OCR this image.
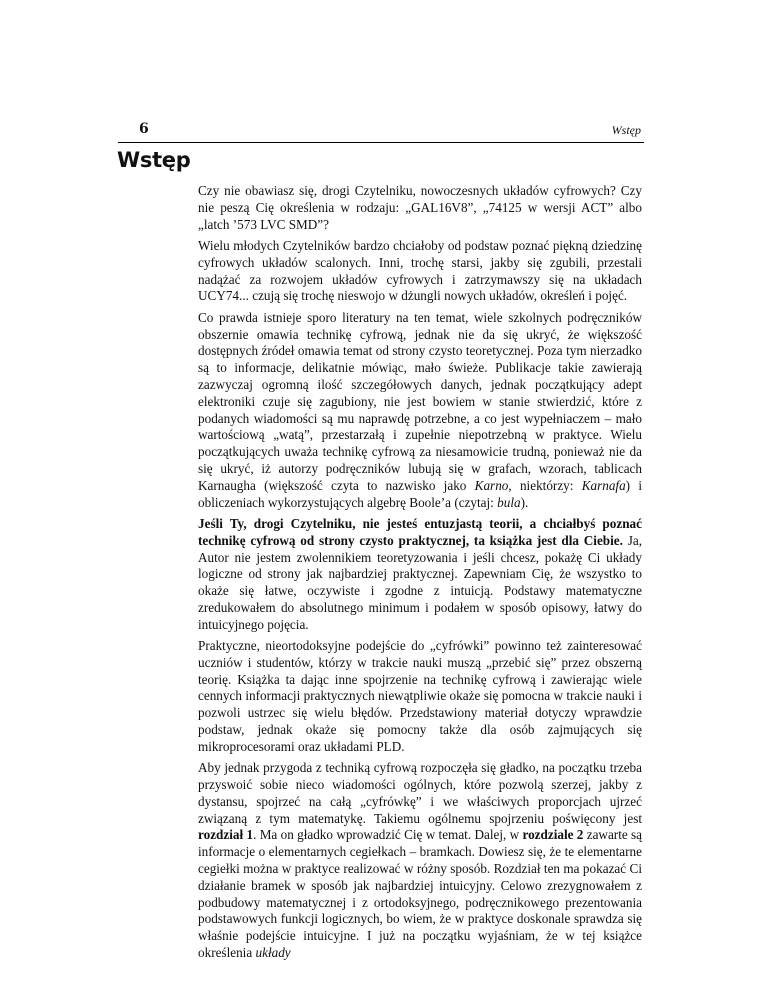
6	Wstęp
Wstęp

Czy nie obawiasz się, drogi Czytelniku, nowoczesnych układów cyfrowych? Czy nie peszą Cię określenia w rodzaju: „GAL16V8”, „74125 w wersji ACT” albo „latch ’573 LVC SMD”?

Wielu młodych Czytelników bardzo chciałoby od podstaw poznać piękną dziedzinę cyfrowych układów scalonych. Inni, trochę starsi, jakby się zgubili, przestali nadążać za rozwojem układów cyfrowych i zatrzymawszy się na układach UCY74... czują się trochę nieswojo w dżungli nowych układów, określeń i pojęć.

Co prawda istnieje sporo literatury na ten temat, wiele szkolnych podręczników obszernie omawia technikę cyfrową, jednak nie da się ukryć, że większość dostępnych źródeł omawia temat od strony czysto teoretycznej. Poza tym nierzadko są to informacje, delikatnie mówiąc, mało świeże. Publikacje takie zawierają zazwyczaj ogromną ilość szczegółowych danych, jednak początkujący adept elektroniki czuje się zagubiony, nie jest bowiem w stanie stwierdzić, które z podanych wiadomości są mu naprawdę potrzebne, a co jest wypełniaczem – mało wartościową „watą”, przestarzałą i zupełnie niepotrzebną w praktyce. Wielu początkujących uważa technikę cyfrową za niesamowicie trudną, ponieważ nie da się ukryć, iż autorzy podręczników lubują się w grafach, wzorach, tablicach Karnaugha (większość czyta to nazwisko jako Karno, niektórzy: Karnafa) i obliczeniach wykorzystujących algebrę Boole’a (czytaj: bula).

Jeśli Ty, drogi Czytelniku, nie jesteś entuzjastą teorii, a chciałbyś poznać technikę cyfrową od strony czysto praktycznej, ta książka jest dla Ciebie. Ja, Autor nie jestem zwolennikiem teoretyzowania i jeśli chcesz, pokażę Ci układy logiczne od strony jak najbardziej praktycznej. Zapewniam Cię, że wszystko to okaże się łatwe, oczywiste i zgodne z intuicją. Podstawy matematyczne zredukowałem do absolutnego minimum i podałem w sposób opisowy, łatwy do intuicyjnego pojęcia.

Praktyczne, nieortodoksyjne podejście do „cyfrówki” powinno też zainteresować uczniów i studentów, którzy w trakcie nauki muszą „przebić się” przez obszerną teorię. Książka ta dając inne spojrzenie na technikę cyfrową i zawierając wiele cennych informacji praktycznych niewątpliwie okaże się pomocna w trakcie nauki i pozwoli ustrzec się wielu błędów. Przedstawiony materiał dotyczy wprawdzie podstaw, jednak okaże się pomocny także dla osób zajmujących się mikroprocesorami oraz układami PLD.

Aby jednak przygoda z techniką cyfrową rozpoczęła się gładko, na początku trzeba przyswoić sobie nieco wiadomości ogólnych, które pozwolą szerzej, jakby z dystansu, spojrzeć na całą „cyfrówkę” i we właściwych proporcjach ujrzeć związaną z tym matematykę. Takiemu ogólnemu spojrzeniu poświęcony jest rozdział 1. Ma on gładko wprowadzić Cię w temat. Dalej, w rozdziale 2 zawarte są informacje o elementarnych cegiełkach – bramkach. Dowiesz się, że te elementarne cegiełki można w praktyce realizować w różny sposób. Rozdział ten ma pokazać Ci działanie bramek w sposób jak najbardziej intuicyjny. Celowo zrezygnowałem z podbudowy matematycznej i z ortodoksyjnego, podręcznikowego prezentowania podstawowych funkcji logicznych, bo wiem, że w praktyce doskonale sprawdza się właśnie podejście intuicyjne. I już na początku wyjaśniam, że w tej książce określenia układy
